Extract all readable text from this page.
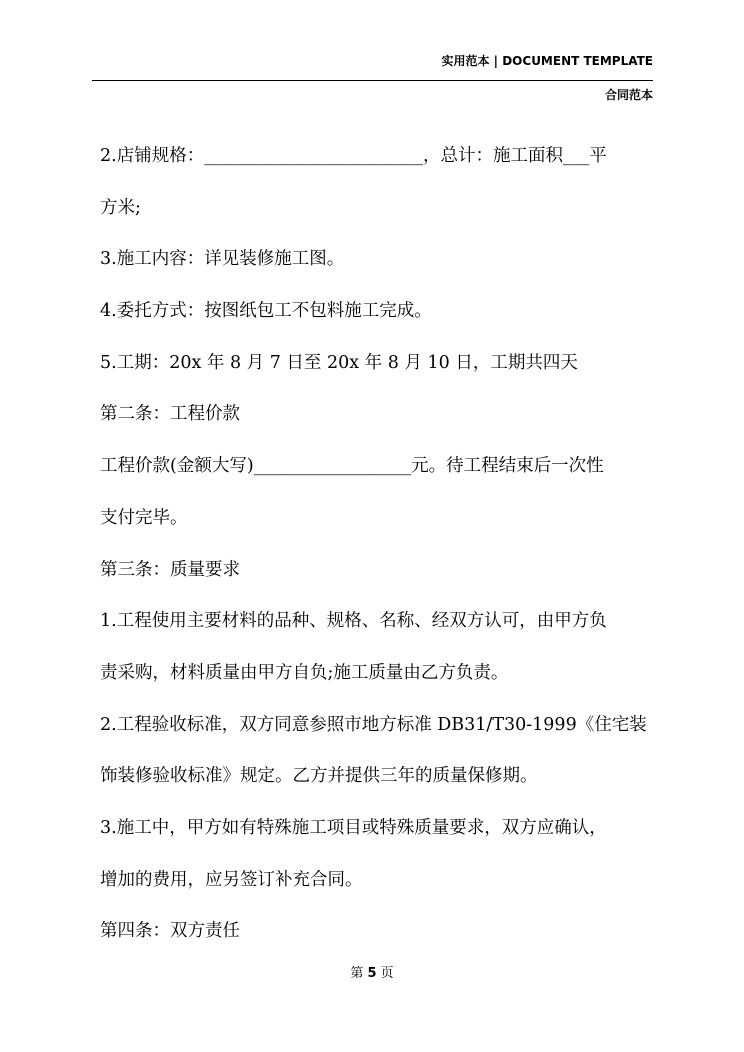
实用范本 | DOCUMENT TEMPLATE
合同范本
2.店铺规格：_________________________，总计：施工面积___平
方米;
3.施工内容：详见装修施工图。
4.委托方式：按图纸包工不包料施工完成。
5.工期：20x 年 8 月 7 日至 20x 年 8 月 10 日，工期共四天
第二条：工程价款
工程价款(金额大写)__________________元。待工程结束后一次性
支付完毕。
第三条：质量要求
1.工程使用主要材料的品种、规格、名称、经双方认可，由甲方负
责采购，材料质量由甲方自负;施工质量由乙方负责。
2.工程验收标准，双方同意参照市地方标准 DB31/T30-1999《住宅装
饰装修验收标准》规定。乙方并提供三年的质量保修期。
3.施工中，甲方如有特殊施工项目或特殊质量要求，双方应确认，
增加的费用，应另签订补充合同。
第四条：双方责任
第 5 页
